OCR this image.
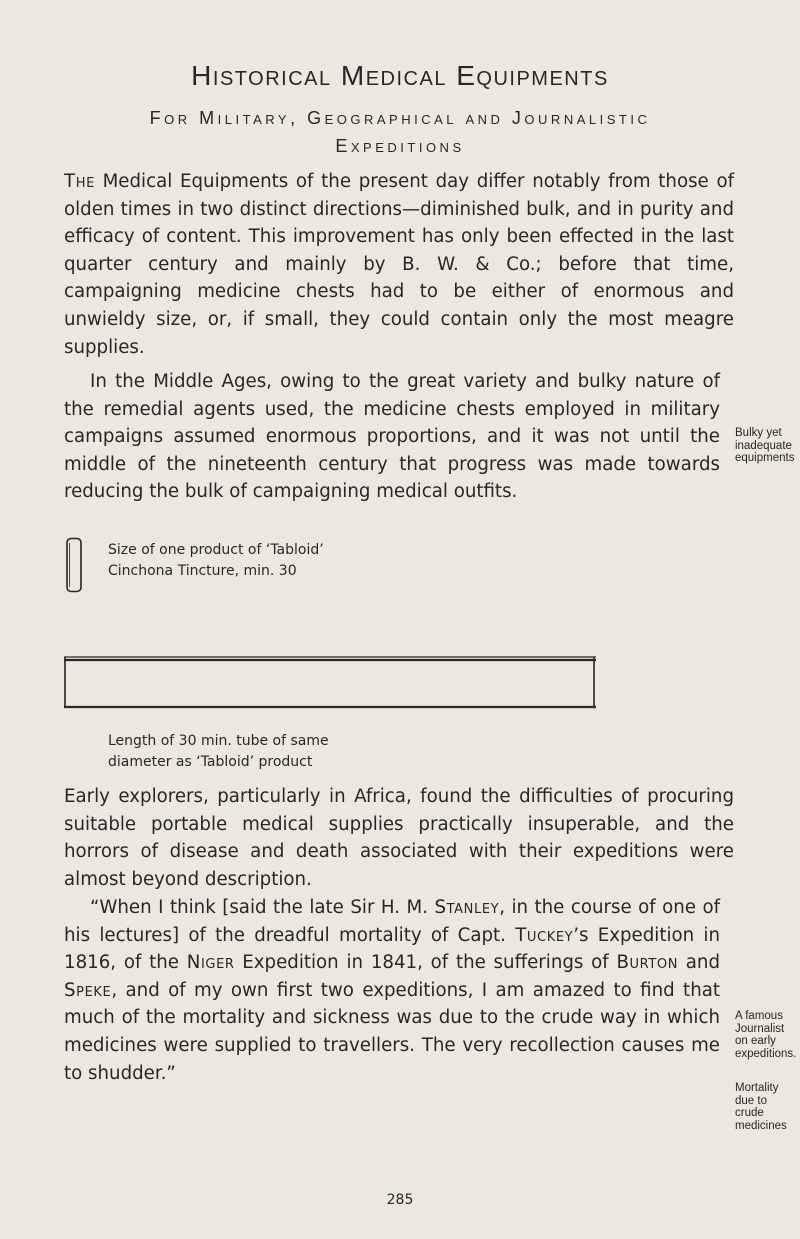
Historical Medical Equipments
For Military, Geographical and Journalistic
Expeditions

The Medical Equipments of the present day differ notably from those of olden times in two distinct directions—diminished bulk, and in purity and efficacy of content. This improvement has only been effected in the last quarter century and mainly by B. W. & Co.; before that time, campaigning medicine chests had to be either of enormous and unwieldy size, or, if small, they could contain only the most meagre supplies.

In the Middle Ages, owing to the great variety and bulky nature of the remedial agents used, the medicine chests employed in military campaigns assumed enormous proportions, and it was not until the middle of the nineteenth century that progress was made towards reducing the bulk of campaigning medical outfits.

Bulky yet inadequate equipments

Size of one product of ‘Tabloid’
Cinchona Tincture, min. 30
Length of 30 min. tube of same
diameter as ‘Tabloid’ product

Early explorers, particularly in Africa, found the difficulties of procuring suitable portable medical supplies practically insuperable, and the horrors of disease and death associated with their expeditions were almost beyond description.

“When I think [said the late Sir H. M. Stanley, in the course of one of his lectures] of the dreadful mortality of Capt. Tuckey’s Expedition in 1816, of the Niger Expedition in 1841, of the sufferings of Burton and Speke, and of my own first two expeditions, I am amazed to find that much of the mortality and sickness was due to the crude way in which medicines were supplied to travellers. The very recollection causes me to shudder.”

A famous Journalist on early expeditions.

Mortality due to crude medicines

285
